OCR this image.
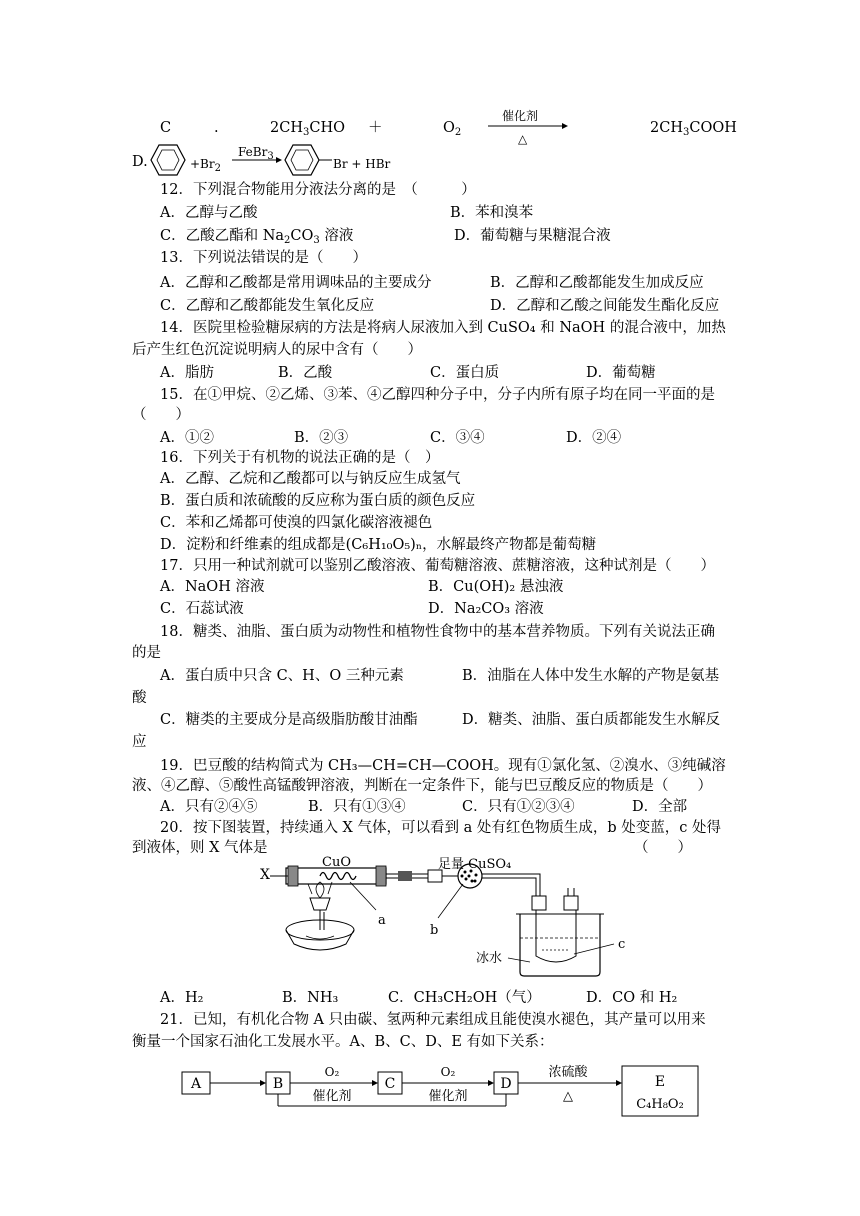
C	.	$2CH_3CHO$ ＋	$O_2$
催化剂
△
$2CH_3COOH$
D.	$+Br_2$
FeBr$_3$
Br + HBr
12．下列混合物能用分液法分离的是　（　　　）
A．乙醇与乙酸	B．苯和溴苯
C．乙酸乙酯和 $Na_2CO_3$ 溶液	D．葡萄糖与果糖混合液
13．下列说法错误的是（　　）
A．乙醇和乙酸都是常用调味品的主要成分	B．乙醇和乙酸都能发生加成反应
C．乙醇和乙酸都能发生氧化反应	D．乙醇和乙酸之间能发生酯化反应
14．医院里检验糖尿病的方法是将病人尿液加入到 CuSO₄ 和 NaOH 的混合液中，加热
后产生红色沉淀说明病人的尿中含有（　　）
A．脂肪	B．乙酸	C．蛋白质	D．葡萄糖
15．在①甲烷、②乙烯、③苯、④乙醇四种分子中，分子内所有原子均在同一平面的是
（　　）
A．①②	B．②③	C．③④	D．②④
16．下列关于有机物的说法正确的是（　）
A．乙醇、乙烷和乙酸都可以与钠反应生成氢气
B．蛋白质和浓硫酸的反应称为蛋白质的颜色反应
C．苯和乙烯都可使溴的四氯化碳溶液褪色
D．淀粉和纤维素的组成都是(C₆H₁₀O₅)ₙ，水解最终产物都是葡萄糖
17．只用一种试剂就可以鉴别乙酸溶液、葡萄糖溶液、蔗糖溶液，这种试剂是（　　）
A．NaOH 溶液	B．Cu(OH)₂ 悬浊液
C．石蕊试液	D．Na₂CO₃ 溶液
18．糖类、油脂、蛋白质为动物性和植物性食物中的基本营养物质。下列有关说法正确
的是
A．蛋白质中只含 C、H、O 三种元素	B．油脂在人体中发生水解的产物是氨基
酸
C．糖类的主要成分是高级脂肪酸甘油酯	D．糖类、油脂、蛋白质都能发生水解反
应
19．巴豆酸的结构简式为 CH₃—CH=CH—COOH。现有①氯化氢、②溴水、③纯碱溶
液、④乙醇、⑤酸性高锰酸钾溶液，判断在一定条件下，能与巴豆酸反应的物质是（　　）
A．只有②④⑤	B．只有①③④	C．只有①②③④	D．全部
20．按下图装置，持续通入 X 气体，可以看到 a 处有红色物质生成，b 处变蓝，c 处得
到液体，则 X 气体是	（　　）
X
CuO
a
足量 CuSO₄
b
c
冰水
A．H₂	B．NH₃	C．CH₃CH₂OH（气）	D．CO 和 H₂
21．已知，有机化合物 A 只由碳、氢两种元素组成且能使溴水褪色，其产量可以用来
衡量一个国家石油化工发展水平。A、B、C、D、E 有如下关系：
A	B
O₂
催化剂
C
O₂
催化剂
D
浓硫酸
△
E
C₄H₈O₂
